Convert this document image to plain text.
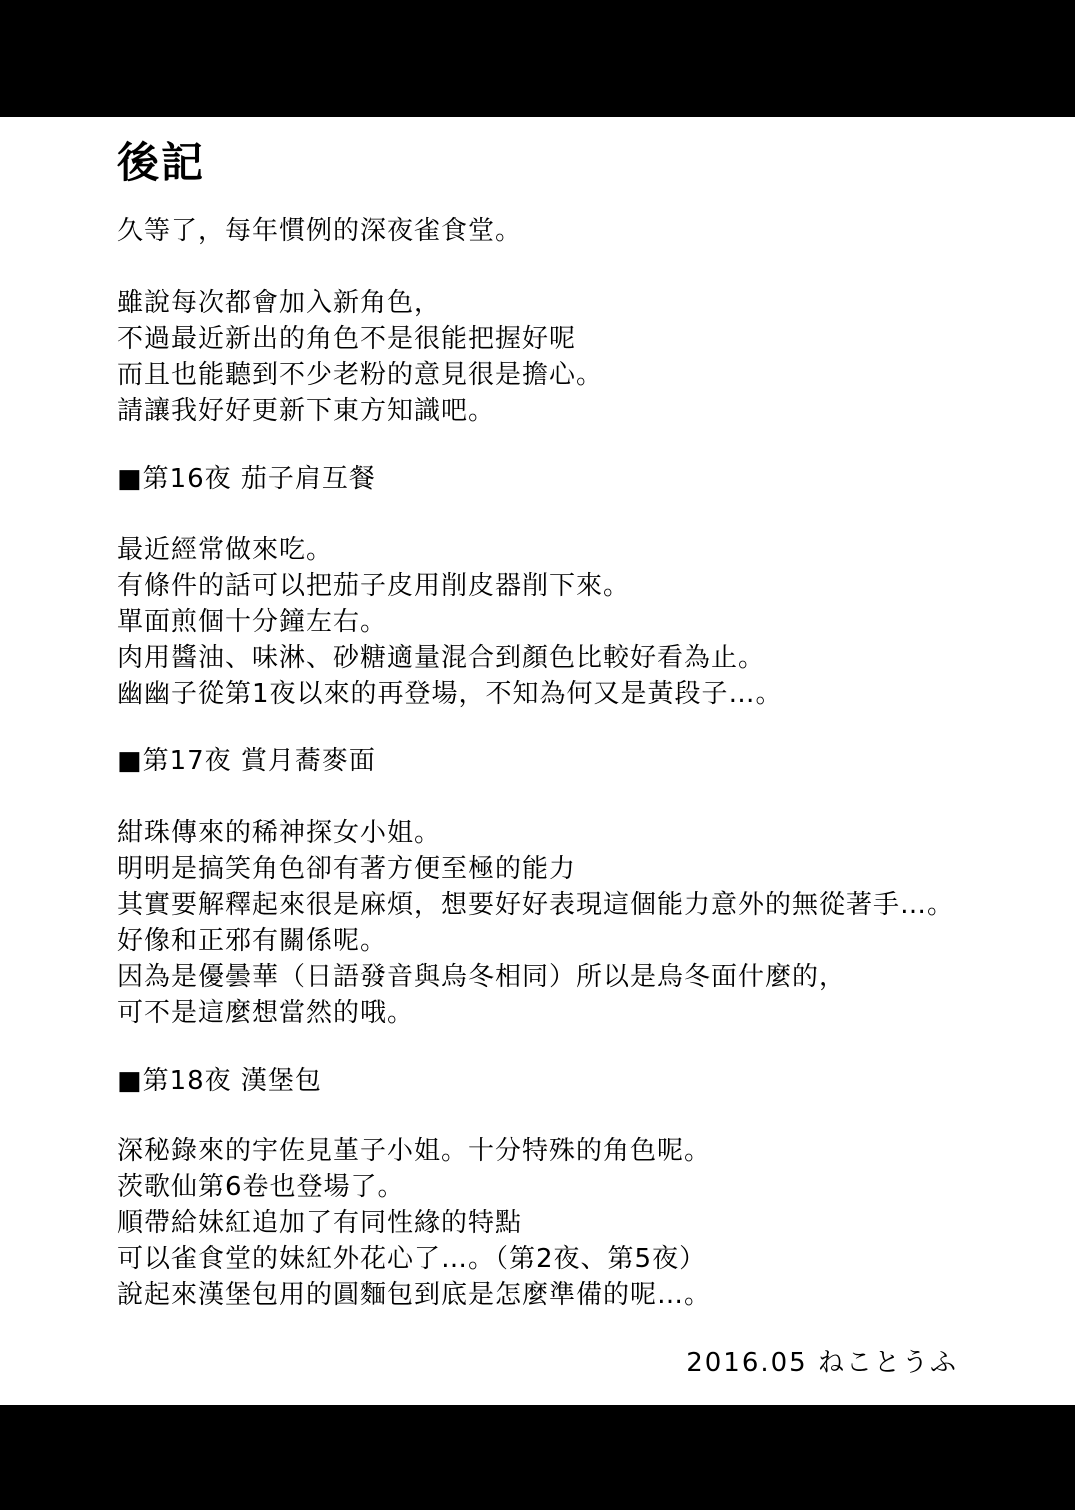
後記

久等了，每年慣例的深夜雀食堂。

雖說每次都會加入新角色，

不過最近新出的角色不是很能把握好呢

而且也能聽到不少老粉的意見很是擔心。

請讓我好好更新下東方知識吧。

■第16夜 茄子肩互餐

最近經常做來吃。

有條件的話可以把茄子皮用削皮器削下來。

單面煎個十分鐘左右。

肉用醬油、味淋、砂糖適量混合到顏色比較好看為止。

幽幽子從第1夜以來的再登場，不知為何又是黃段子…。

■第17夜 賞月蕎麥面

紺珠傳來的稀神探女小姐。

明明是搞笑角色卻有著方便至極的能力

其實要解釋起來很是麻煩，想要好好表現這個能力意外的無從著手…。

好像和正邪有關係呢。

因為是優曇華（日語發音與烏冬相同）所以是烏冬面什麼的，

可不是這麼想當然的哦。

■第18夜 漢堡包

深秘錄來的宇佐見堇子小姐。十分特殊的角色呢。

茨歌仙第6卷也登場了。

順帶給妹紅追加了有同性緣的特點

可以雀食堂的妹紅外花心了…。（第2夜、第5夜）

說起來漢堡包用的圓麵包到底是怎麼準備的呢…。

2016.05 ねことうふ
